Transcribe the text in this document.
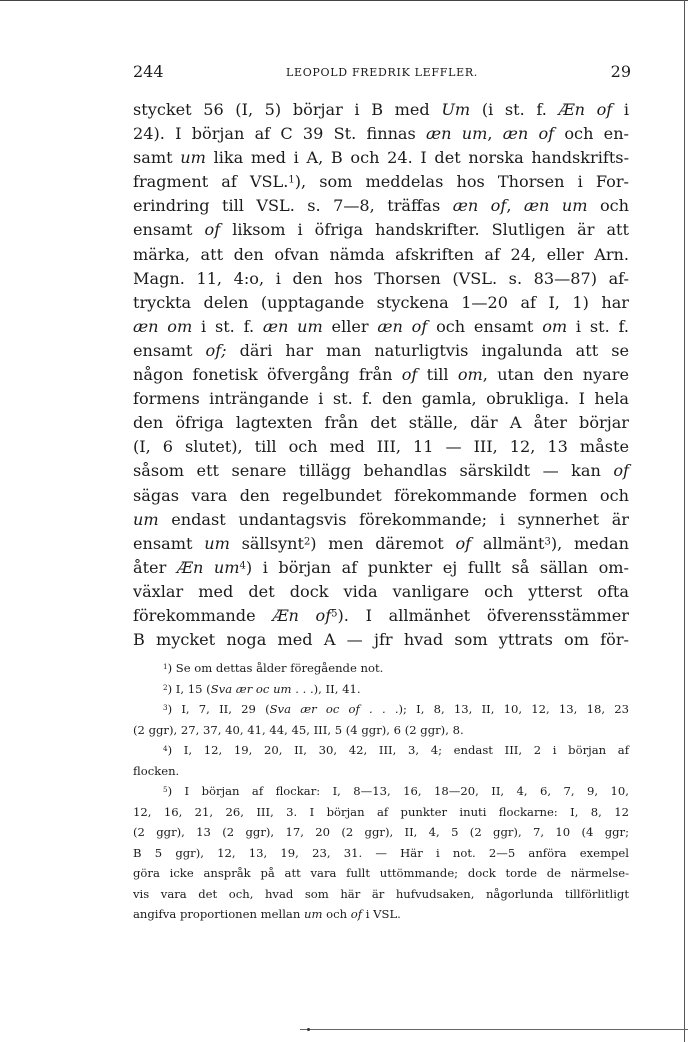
244	LEOPOLD FREDRIK LEFFLER.	29
stycket 56 (I, 5) börjar i B med Um (i st. f. Æn of i
24). I början af C 39 St. finnas æn um, æn of och en-
samt um lika med i A, B och 24. I det norska handskrifts-
fragment af VSL.$^1$), som meddelas hos Thorsen i For-
erindring till VSL. s. 7—8, träffas æn of, æn um och
ensamt of liksom i öfriga handskrifter. Slutligen är att
märka, att den ofvan nämda afskriften af 24, eller Arn.
Magn. 11, 4:o, i den hos Thorsen (VSL. s. 83—87) af-
tryckta delen (upptagande styckena 1—20 af I, 1) har
æn om i st. f. æn um eller æn of och ensamt om i st. f.
ensamt of; däri har man naturligtvis ingalunda att se
någon fonetisk öfvergång från of till om, utan den nyare
formens inträngande i st. f. den gamla, obrukliga. I hela
den öfriga lagtexten från det ställe, där A åter börjar
(I, 6 slutet), till och med III, 11 — III, 12, 13 måste
såsom ett senare tillägg behandlas särskildt — kan of
sägas vara den regelbundet förekommande formen och
um endast undantagsvis förekommande; i synnerhet är
ensamt um sällsynt$^2$) men däremot of allmänt$^3$), medan
åter Æn $um^4$) i början af punkter ej fullt så sällan om-
växlar med det dock vida vanligare och ytterst ofta
förekommande Æn $of^5$). I allmänhet öfverensstämmer
B mycket noga med A — jfr hvad som yttrats om för-
$^1$) Se om dettas ålder föregående not.
$^2$) I, 15 (Sva ær oc um . . .), II, 41.
$^3$) I, 7, II, 29 (Sva ær oc of . . .); I, 8, 13, II, 10, 12, 13, 18, 23
(2 ggr), 27, 37, 40, 41, 44, 45, III, 5 (4 ggr), 6 (2 ggr), 8.
$^4$) I, 12, 19, 20, II, 30, 42, III, 3, 4; endast III, 2 i början af
flocken.
$^5$) I början af flockar: I, 8—13, 16, 18—20, II, 4, 6, 7, 9, 10,
12, 16, 21, 26, III, 3. I början af punkter inuti flockarne: I, 8, 12
(2 ggr), 13 (2 ggr), 17, 20 (2 ggr), II, 4, 5 (2 ggr), 7, 10 (4 ggr;
B 5 ggr), 12, 13, 19, 23, 31. — Här i not. 2—5 anföra exempel
göra icke anspråk på att vara fullt uttömmande; dock torde de närmelse-
vis vara det och, hvad som här är hufvudsaken, någorlunda tillförlitligt
angifva proportionen mellan um och of i VSL.
